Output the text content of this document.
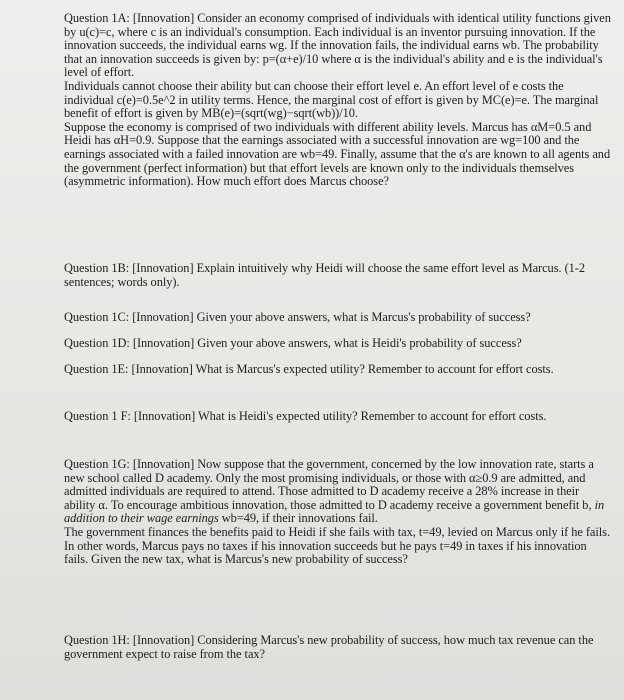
Question 1A: [Innovation] Consider an economy comprised of individuals with identical utility functions given by u(c)=c, where c is an individual's consumption. Each individual is an inventor pursuing innovation. If the innovation succeeds, the individual earns wg. If the innovation fails, the individual earns wb. The probability that an innovation succeeds is given by: p=(α+e)/10 where α is the individual's ability and e is the individual's level of effort.

Individuals cannot choose their ability but can choose their effort level e. An effort level of e costs the individual c(e)=0.5e^2 in utility terms. Hence, the marginal cost of effort is given by MC(e)=e. The marginal benefit of effort is given by MB(e)=(sqrt(wg)−sqrt(wb))/10.

Suppose the economy is comprised of two individuals with different ability levels. Marcus has αM=0.5 and Heidi has αH=0.9. Suppose that the earnings associated with a successful innovation are wg=100 and the earnings associated with a failed innovation are wb=49. Finally, assume that the α's are known to all agents and the government (perfect information) but that effort levels are known only to the individuals themselves (asymmetric information). How much effort does Marcus choose?

Question 1B: [Innovation] Explain intuitively why Heidi will choose the same effort level as Marcus. (1-2 sentences; words only).

Question 1C: [Innovation] Given your above answers, what is Marcus's probability of success?

Question 1D: [Innovation] Given your above answers, what is Heidi's probability of success?

Question 1E: [Innovation] What is Marcus's expected utility? Remember to account for effort costs.

Question 1 F: [Innovation] What is Heidi's expected utility? Remember to account for effort costs.

Question 1G: [Innovation] Now suppose that the government, concerned by the low innovation rate, starts a new school called D academy. Only the most promising individuals, or those with α≥0.9 are admitted, and admitted individuals are required to attend. Those admitted to D academy receive a 28% increase in their ability α. To encourage ambitious innovation, those admitted to D academy receive a government benefit b, in addition to their wage earnings wb=49, if their innovations fail.

The government finances the benefits paid to Heidi if she fails with tax, t=49, levied on Marcus only if he fails. In other words, Marcus pays no taxes if his innovation succeeds but he pays t=49 in taxes if his innovation fails. Given the new tax, what is Marcus's new probability of success?

Question 1H: [Innovation] Considering Marcus's new probability of success, how much tax revenue can the government expect to raise from the tax?
